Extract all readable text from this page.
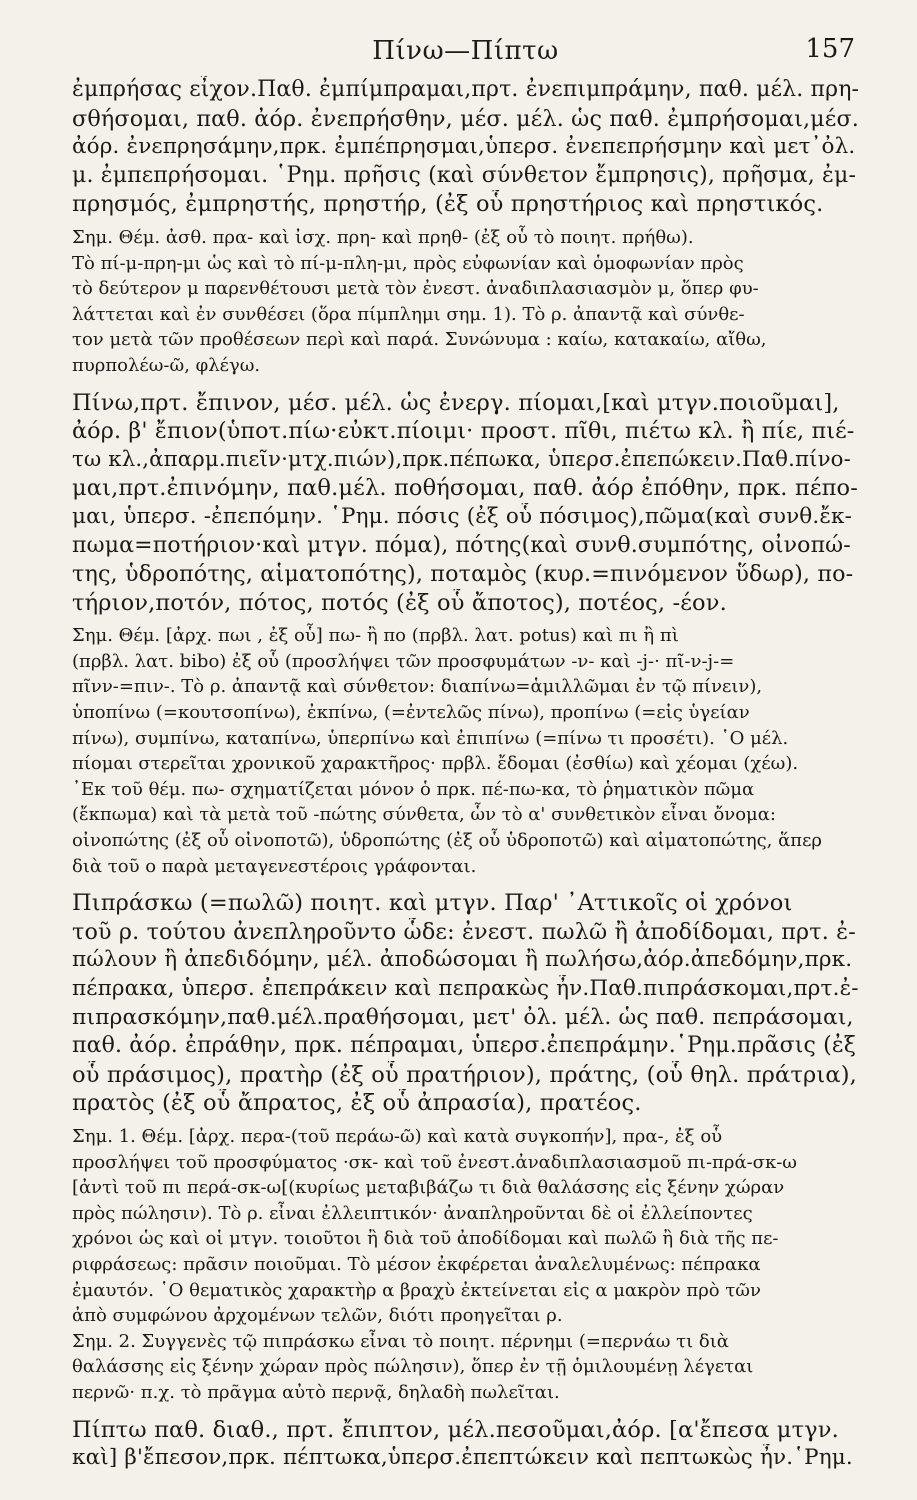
Πίνω—Πίπτω	157
ἐμπρήσας εἶχον.Παθ. ἐμπίμπραμαι,πρτ. ἐνεπιμπράμην, παθ. μέλ. πρη-
σθήσομαι, παθ. ἀόρ. ἐνεπρήσθην, μέσ. μέλ. ὡς παθ. ἐμπρήσομαι,μέσ.
ἀόρ. ἐνεπρησάμην,πρκ. ἐμπέπρησμαι,ὑπερσ. ἐνεπεπρήσμην καὶ μετ᾽ὀλ.
μ. ἐμπεπρήσομαι. ῾Ρημ. πρῆσις (καὶ σύνθετον ἔμπρησις), πρῆσμα, ἐμ-
πρησμός, ἐμπρηστής, πρηστήρ, (ἐξ οὗ πρηστήριος καὶ πρηστικός.
Σημ. Θέμ. ἀσθ. πρα- καὶ ἰσχ. πρη- καὶ πρηθ- (ἐξ οὗ τὸ ποιητ. πρήθω).
Τὸ πί-μ-πρη-μι ὡς καὶ τὸ πί-μ-πλη-μι, πρὸς εὐφωνίαν καὶ ὁμοφωνίαν πρὸς
τὸ δεύτερον μ παρενθέτουσι μετὰ τὸν ἐνεστ. ἀναδιπλασιασμὸν μ, ὅπερ φυ-
λάττεται καὶ ἐν συνθέσει (ὅρα πίμπλημι σημ. 1). Τὸ ρ. ἀπαντᾷ καὶ σύνθε-
τον μετὰ τῶν προθέσεων περὶ καὶ παρά. Συνώνυμα : καίω, κατακαίω, αἴθω,
πυρπολέω-ῶ, φλέγω.
Πίνω,πρτ. ἔπινον, μέσ. μέλ. ὡς ἐνεργ. πίομαι,[καὶ μτγν.ποιοῦμαι],
ἀόρ. β' ἔπιον(ὑποτ.πίω·εὐκτ.πίοιμι· προστ. πῖθι, πιέτω κλ. ἢ πίε, πιέ-
τω κλ.,ἀπαρμ.πιεῖν·μτχ.πιών),πρκ.πέπωκα, ὑπερσ.ἐπεπώκειν.Παθ.πίνο-
μαι,πρτ.ἐπινόμην, παθ.μέλ. ποθήσομαι, παθ. ἀόρ ἐπόθην, πρκ. πέπο-
μαι, ὑπερσ. -ἐπεπόμην. ῾Ρημ. πόσις (ἐξ οὗ πόσιμος),πῶμα(καὶ συνθ.ἔκ-
πωμα=ποτήριον·καὶ μτγν. πόμα), πότης(καὶ συνθ.συμπότης, οἰνοπώ-
της, ὑδροπότης, αἱματοπότης), ποταμὸς (κυρ.=πινόμενον ὕδωρ), πο-
τήριον,ποτόν, πότος, ποτός (ἐξ οὗ ἄποτος), ποτέος, -έον.
Σημ. Θέμ. [ἀρχ. πωι , ἐξ οὗ] πω- ἢ πο (πρβλ. λατ. potus) καὶ πι ἢ πὶ
(πρβλ. λατ. bibo) ἐξ οὗ (προσλήψει τῶν προσφυμάτων -ν- καὶ -j-· πῖ-ν-j-=
πῖνν-=πιν-. Τὸ ρ. ἀπαντᾷ καὶ σύνθετον: διαπίνω=ἁμιλλῶμαι ἐν τῷ πίνειν),
ὑποπίνω (=κουτσοπίνω), ἐκπίνω, (=ἐντελῶς πίνω), προπίνω (=εἰς ὑγείαν
πίνω), συμπίνω, καταπίνω, ὑπερπίνω καὶ ἐπιπίνω (=πίνω τι προσέτι). ῾Ο μέλ.
πίομαι στερεῖται χρονικοῦ χαρακτῆρος· πρβλ. ἔδομαι (ἐσθίω) καὶ χέομαι (χέω).
᾿Εκ τοῦ θέμ. πω- σχηματίζεται μόνον ὁ πρκ. πέ-πω-κα, τὸ ῥηματικὸν πῶμα
(ἔκπωμα) καὶ τὰ μετὰ τοῦ -πώτης σύνθετα, ὧν τὸ α' συνθετικὸν εἶναι ὄνομα:
οἰνοπώτης (ἐξ οὗ οἰνοποτῶ), ὑδροπώτης (ἐξ οὗ ὑδροποτῶ) καὶ αἱματοπώτης, ἅπερ
διὰ τοῦ ο παρὰ μεταγενεστέροις γράφονται.
Πιπράσκω (=πωλῶ) ποιητ. καὶ μτγν. Παρ' ᾿Αττικοῖς οἱ χρόνοι
τοῦ ρ. τούτου ἀνεπληροῦντο ὧδε: ἐνεστ. πωλῶ ἢ ἀποδίδομαι, πρτ. ἐ-
πώλουν ἢ ἀπεδιδόμην, μέλ. ἀποδώσομαι ἢ πωλήσω,ἀόρ.ἀπεδόμην,πρκ.
πέπρακα, ὑπερσ. ἐπεπράκειν καὶ πεπρακὼς ἦν.Παθ.πιπράσκομαι,πρτ.ἐ-
πιπρασκόμην,παθ.μέλ.πραθήσομαι, μετ' ὀλ. μέλ. ὡς παθ. πεπράσομαι,
παθ. ἀόρ. ἐπράθην, πρκ. πέπραμαι, ὑπερσ.ἐπεπράμην.῾Ρημ.πρᾶσις (ἐξ
οὗ πράσιμος), πρατὴρ (ἐξ οὗ πρατήριον), πράτης, (οὗ θηλ. πράτρια),
πρατὸς (ἐξ οὗ ἄπρατος, ἐξ οὗ ἀπρασία), πρατέος.
Σημ. 1. Θέμ. [ἀρχ. περα-(τοῦ περάω-ῶ) καὶ κατὰ συγκοπήν], πρα-, ἐξ οὗ
προσλήψει τοῦ προσφύματος ·σκ- καὶ τοῦ ἐνεστ.ἀναδιπλασιασμοῦ πι-πρά-σκ-ω
[ἀντὶ τοῦ πι περά-σκ-ω[(κυρίως μεταβιβάζω τι διὰ θαλάσσης εἰς ξένην χώραν
πρὸς πώλησιν). Τὸ ρ. εἶναι ἐλλειπτικόν· ἀναπληροῦνται δὲ οἱ ἐλλείποντες
χρόνοι ὡς καὶ οἱ μτγν. τοιοῦτοι ἢ διὰ τοῦ ἀποδίδομαι καὶ πωλῶ ἢ διὰ τῆς πε-
ριφράσεως: πρᾶσιν ποιοῦμαι. Τὸ μέσον ἐκφέρεται ἀναλελυμένως: πέπρακα
ἐμαυτόν. ῾Ο θεματικὸς χαρακτὴρ α βραχὺ ἐκτείνεται εἰς α μακρὸν πρὸ τῶν
ἀπὸ συμφώνου ἀρχομένων τελῶν, διότι προηγεῖται ρ.
Σημ. 2. Συγγενὲς τῷ πιπράσκω εἶναι τὸ ποιητ. πέρνημι (=περνάω τι διὰ
θαλάσσης εἰς ξένην χώραν πρὸς πώλησιν), ὅπερ ἐν τῇ ὁμιλουμένῃ λέγεται
περνῶ· π.χ. τὸ πρᾶγμα αὐτὸ περνᾷ, δηλαδὴ πωλεῖται.
Πίπτω παθ. διαθ., πρτ. ἔπιπτον, μέλ.πεσοῦμαι,ἀόρ. [α'ἔπεσα μτγν.
καὶ] β'ἔπεσον,πρκ. πέπτωκα,ὑπερσ.ἐπεπτώκειν καὶ πεπτωκὼς ἦν.῾Ρημ.
